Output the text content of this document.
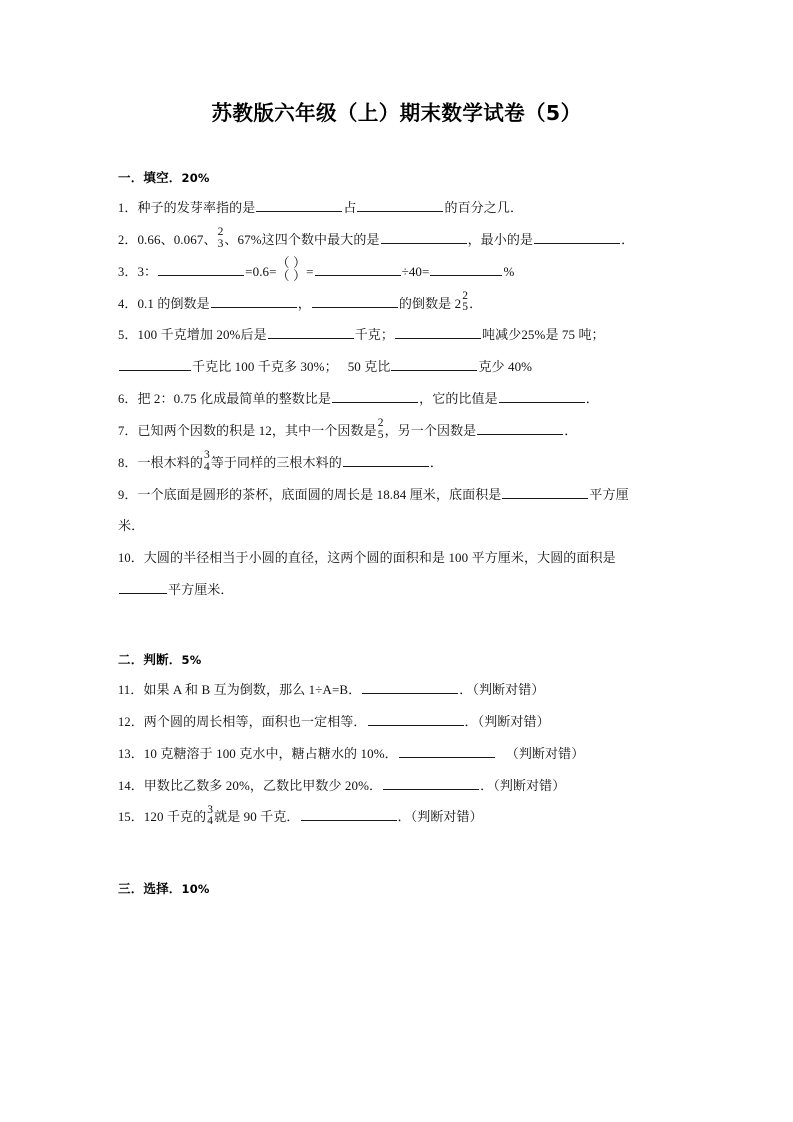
苏教版六年级（上）期末数学试卷（5）
一．填空．20%

1．种子的发芽率指的是	占	的百分之几．

2．0.66、0.067、 2
3 、67%这四个数中最大的是	，最小的是	．

3．3：	=0.6=
（ ）
（ ） =	÷40=	%

4．0.1 的倒数是	，	的倒数是 2 2
5 ．

5．100 千克增加 20%后是	千克；	吨减少25%是 75 吨；千克比 100 千克多 30%； 50 克比	克少 40%

6．把 2：0.75 化成最简单的整数比是	，它的比值是	．

7．已知两个因数的积是 12，其中一个因数是 2
5 ，另一个因数是	．

8．一根木料的 3
4 等于同样的三根木料的	．

9．一个底面是圆形的茶杯，底面圆的周长是 18.84 厘米，底面积是	平方厘米．

10．大圆的半径相当于小圆的直径，这两个圆的面积和是 100 平方厘米，大圆的面积是平方厘米．

二．判断．5%

11．如果 A 和 B 互为倒数，那么 1÷A=B．	．（判断对错）

12．两个圆的周长相等，面积也一定相等．	．（判断对错）

13．10 克糖溶于 100 克水中，糖占糖水的 10%．	（判断对错）

14．甲数比乙数多 20%，乙数比甲数少 20%．	．（判断对错）

15．120 千克的 3
4 就是 90 千克．	．（判断对错）

三．选择．10%
